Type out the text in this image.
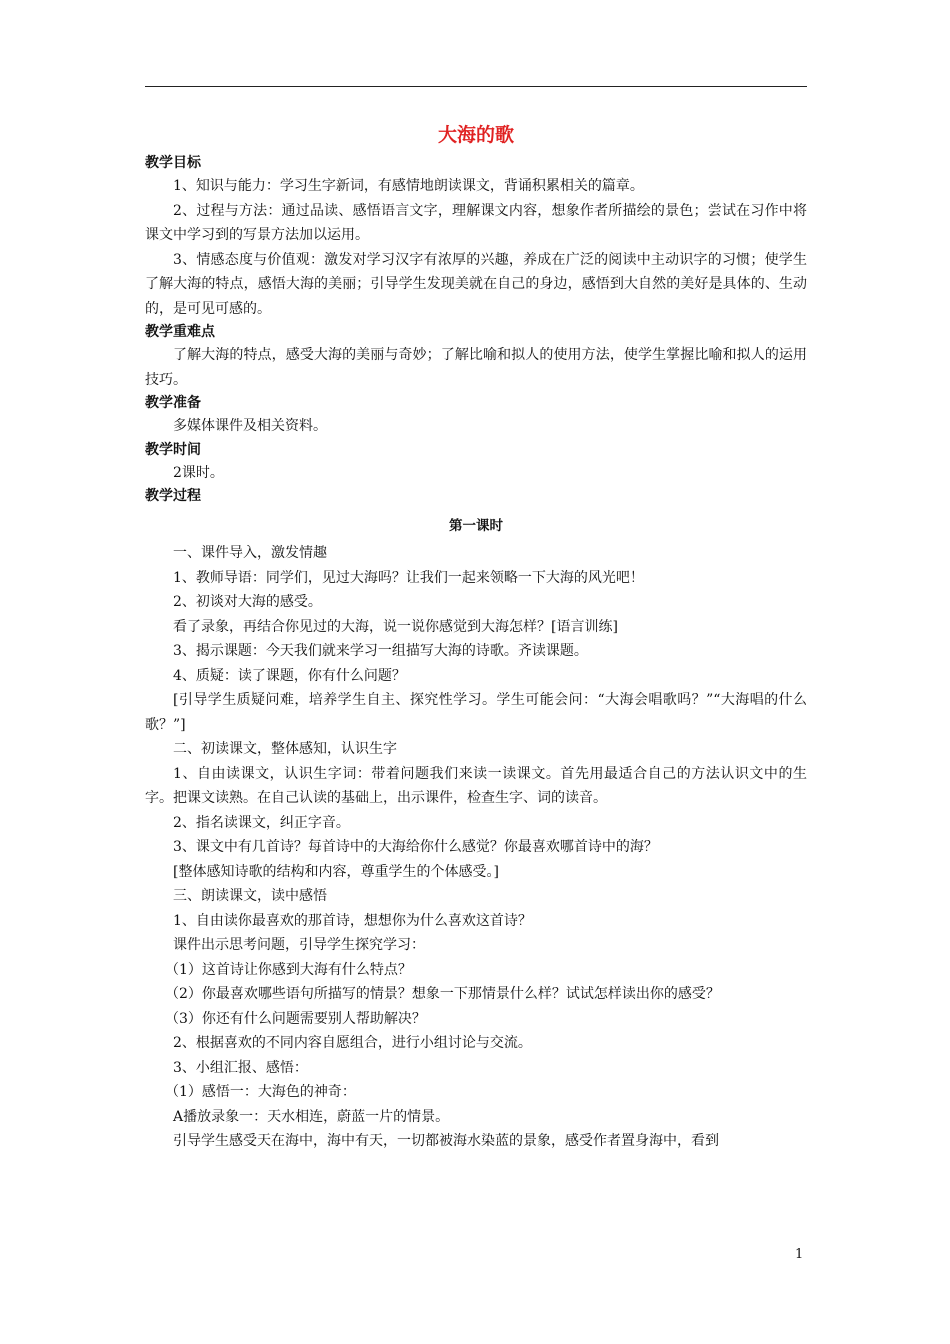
大海的歌
教学目标

1、知识与能力：学习生字新词，有感情地朗读课文，背诵积累相关的篇章。

2、过程与方法：通过品读、感悟语言文字，理解课文内容，想象作者所描绘的景色；尝试在习作中将课文中学习到的写景方法加以运用。

3、情感态度与价值观：激发对学习汉字有浓厚的兴趣，养成在广泛的阅读中主动识字的习惯；使学生了解大海的特点，感悟大海的美丽；引导学生发现美就在自己的身边，感悟到大自然的美好是具体的、生动的，是可见可感的。

教学重难点

了解大海的特点，感受大海的美丽与奇妙；了解比喻和拟人的使用方法，使学生掌握比喻和拟人的运用技巧。

教学准备

多媒体课件及相关资料。

教学时间

2课时。

教学过程
第一课时

一、课件导入，激发情趣

1、教师导语：同学们，见过大海吗？让我们一起来领略一下大海的风光吧！

2、初谈对大海的感受。

看了录象，再结合你见过的大海，说一说你感觉到大海怎样？[语言训练]

3、揭示课题：今天我们就来学习一组描写大海的诗歌。齐读课题。

4、质疑：读了课题，你有什么问题？

[引导学生质疑问难，培养学生自主、探究性学习。学生可能会问：“大海会唱歌吗？”“大海唱的什么歌？”]

二、初读课文，整体感知，认识生字

1、自由读课文，认识生字词：带着问题我们来读一读课文。首先用最适合自己的方法认识文中的生字。把课文读熟。在自己认读的基础上，出示课件，检查生字、词的读音。

2、指名读课文，纠正字音。

3、课文中有几首诗？每首诗中的大海给你什么感觉？你最喜欢哪首诗中的海？

[整体感知诗歌的结构和内容，尊重学生的个体感受。]

三、朗读课文，读中感悟

1、自由读你最喜欢的那首诗，想想你为什么喜欢这首诗？

课件出示思考问题，引导学生探究学习：

（1）这首诗让你感到大海有什么特点？

（2）你最喜欢哪些语句所描写的情景？想象一下那情景什么样？试试怎样读出你的感受？

（3）你还有什么问题需要别人帮助解决？

2、根据喜欢的不同内容自愿组合，进行小组讨论与交流。

3、小组汇报、感悟：

（1）感悟一：大海色的神奇：

A播放录象一：天水相连，蔚蓝一片的情景。

引导学生感受天在海中，海中有天，一切都被海水染蓝的景象，感受作者置身海中，看到

1
